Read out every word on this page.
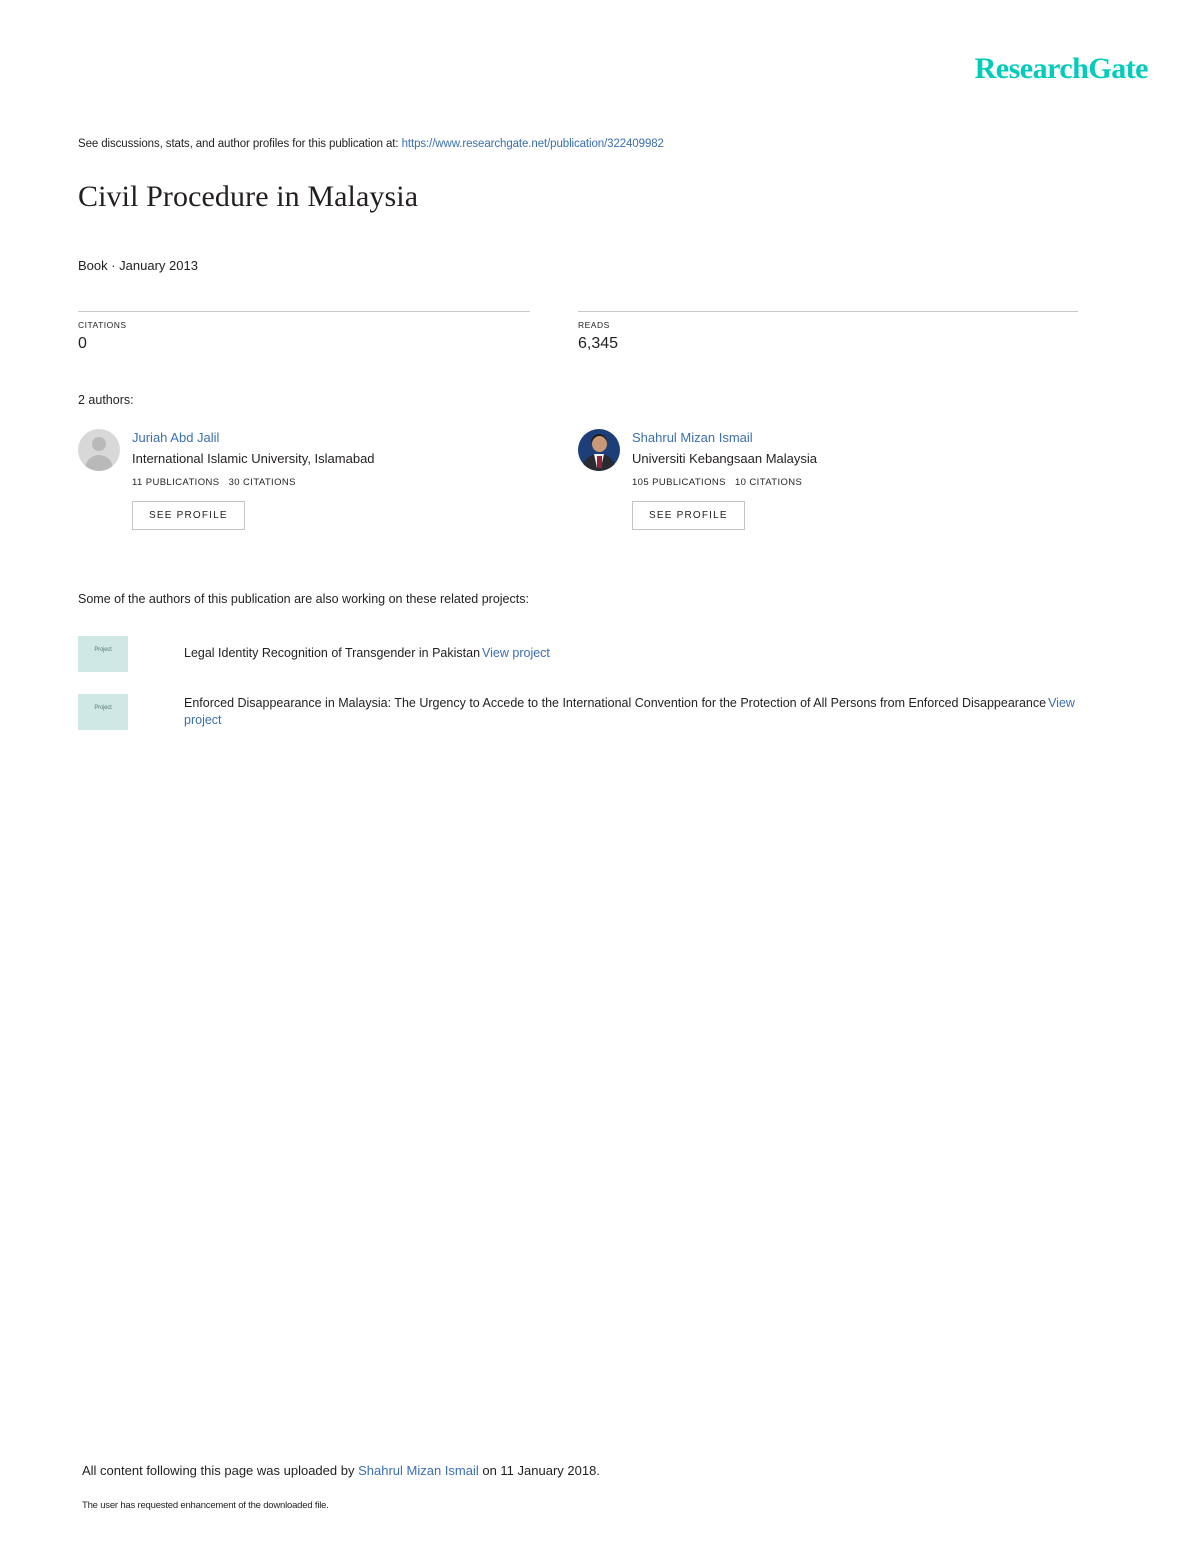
ResearchGate
See discussions, stats, and author profiles for this publication at: https://www.researchgate.net/publication/322409982
Civil Procedure in Malaysia
Book · January 2013
CITATIONS
0
READS
6,345
2 authors:
Juriah Abd Jalil
International Islamic University, Islamabad
11 PUBLICATIONS 30 CITATIONS
SEE PROFILE
Shahrul Mizan Ismail
Universiti Kebangsaan Malaysia
105 PUBLICATIONS 10 CITATIONS
SEE PROFILE
Some of the authors of this publication are also working on these related projects:
Project	Legal Identity Recognition of Transgender in Pakistan View project
Project	Enforced Disappearance in Malaysia: The Urgency to Accede to the International Convention for the Protection of All Persons from Enforced Disappearance View project
All content following this page was uploaded by Shahrul Mizan Ismail on 11 January 2018.
The user has requested enhancement of the downloaded file.
